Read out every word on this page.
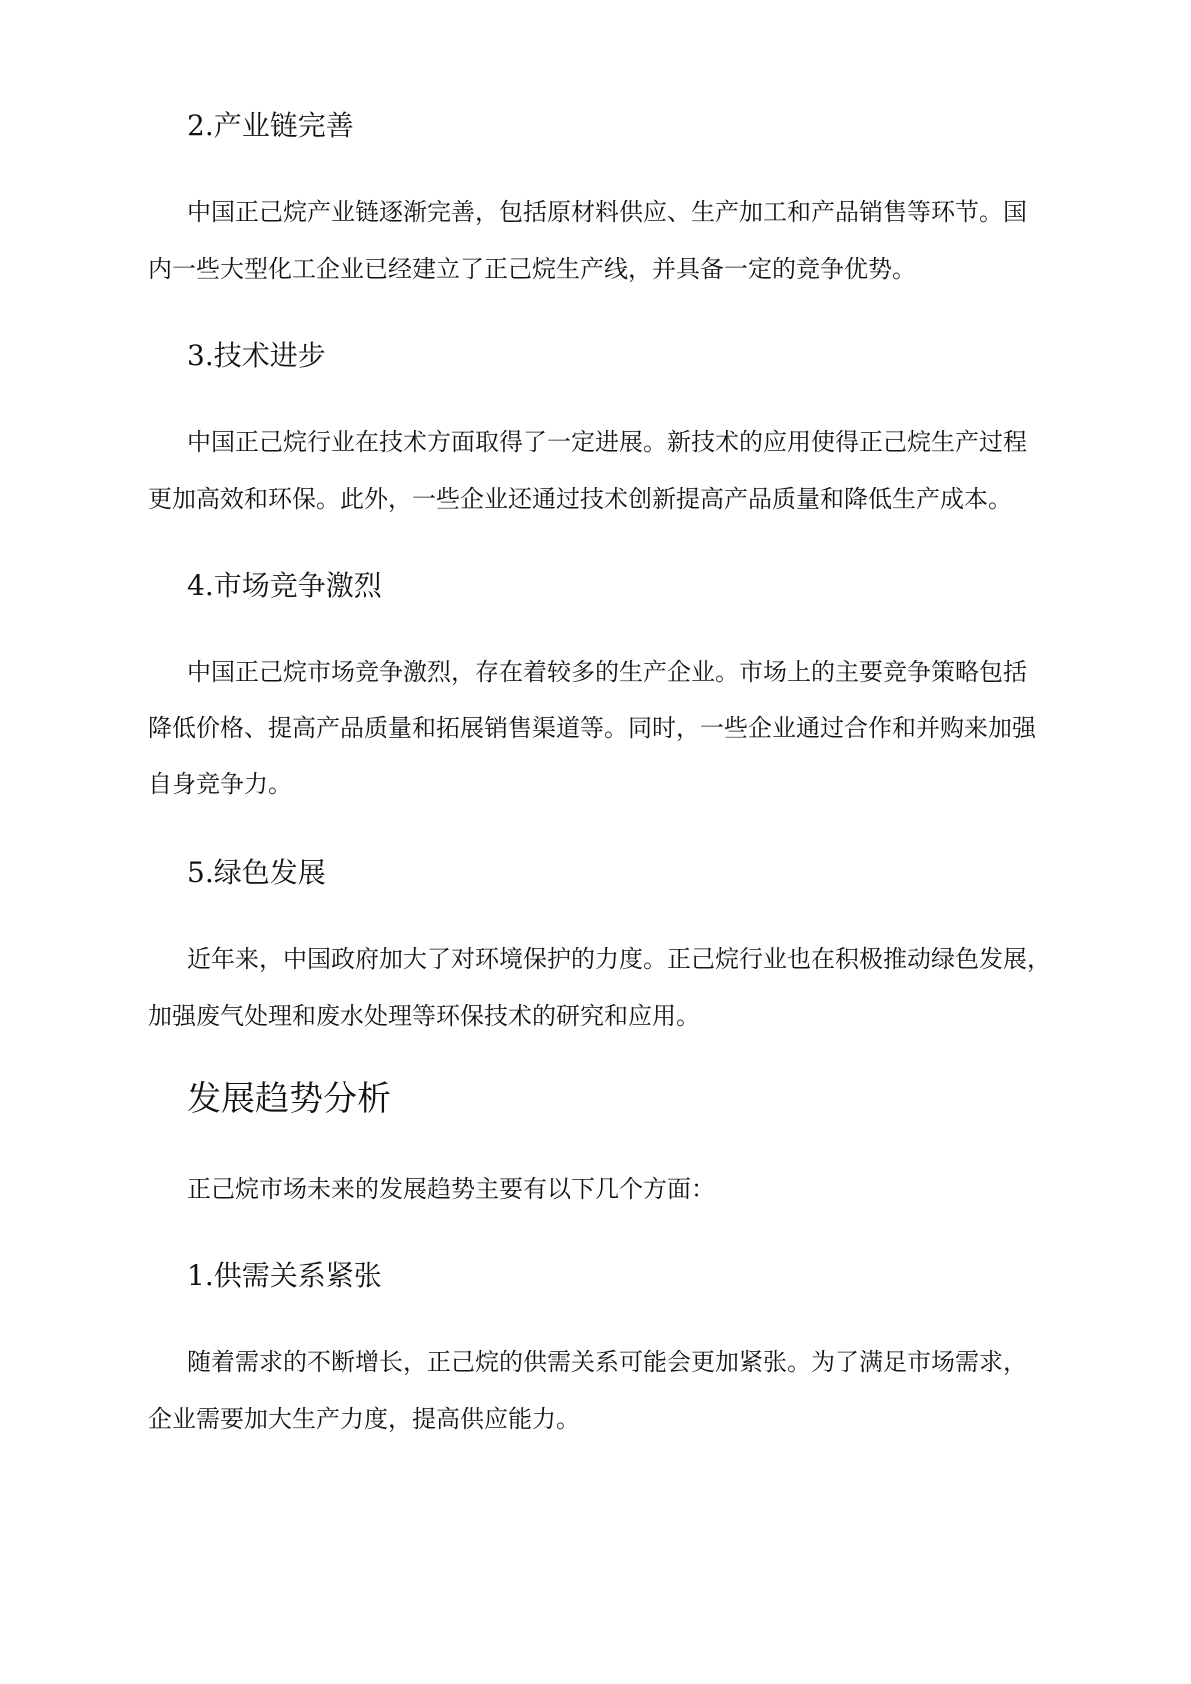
2.产业链完善
中国正己烷产业链逐渐完善，包括原材料供应、生产加工和产品销售等环节。国
内一些大型化工企业已经建立了正己烷生产线，并具备一定的竞争优势。
3.技术进步
中国正己烷行业在技术方面取得了一定进展。新技术的应用使得正己烷生产过程
更加高效和环保。此外，一些企业还通过技术创新提高产品质量和降低生产成本。
4.市场竞争激烈
中国正己烷市场竞争激烈，存在着较多的生产企业。市场上的主要竞争策略包括
降低价格、提高产品质量和拓展销售渠道等。同时，一些企业通过合作和并购来加强
自身竞争力。
5.绿色发展
近年来，中国政府加大了对环境保护的力度。正己烷行业也在积极推动绿色发展，
加强废气处理和废水处理等环保技术的研究和应用。
发展趋势分析
正己烷市场未来的发展趋势主要有以下几个方面：
1.供需关系紧张
随着需求的不断增长，正己烷的供需关系可能会更加紧张。为了满足市场需求，
企业需要加大生产力度，提高供应能力。
